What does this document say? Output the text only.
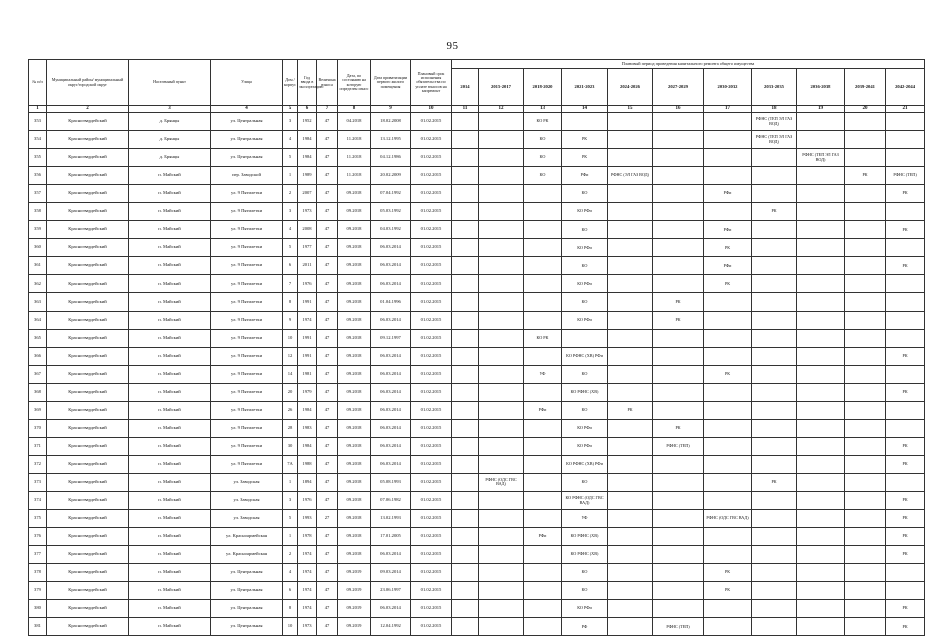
95
№ п/п	Муниципальный район/ муниципальный округ/городской округ	Населенный пункт	Улица	Дом / корпус	Год ввода в эксплуатацию	Величина взноса	Дата, по состоянию на которую определен износ	Дата приватизации первого жилого помещения	Плановый срок исполнения обязательства по уплате взносов на капремонт	Плановый период проведения капитального ремонта общего имущества										
										2014	2015-2017	2018-2020	2021-2023	2024-2026	2027-2029	2030-2032	2033-2035	2036-2038	2039-2041	2042-2044
1	2	3	4	5	6	7	8	9	10	11	12	13	14	15	16	17	18	19	20	21
353	Красногвардейский	д. Брянцы	ул. Центральная	3	1952	47	04.2018	18.02.2008	01.02.2015			КО РК					РФНС (ТЕП ЭЛ ГАЗ ВОД)			
354	Красногвардейский	д. Брянцы	ул. Центральная	4	1984	47	11.2018	13.12.1995	01.02.2015			КО	РК				РФНС (ТЕП ЭЛ ГАЗ ВОД)			
355	Красногвардейский	д. Брянцы	ул. Центральная	5	1984	47	11.2018	04.12.1986	01.02.2015			КО	РК					РФНС (ТЕП ЭЛ ГАЗ ВОД)		
356	Красногвардейский	п. Майский	пер. Заводской	1	1989	47	11.2018	20.02.2009	01.02.2015			КО	РФи	РФНС (ЭЛ ГАЗ ВОД)					РК	РФНС (ТЕП)
357	Красногвардейский	п. Майский	ул. 9 Пятилетки	2	2007	47	09.2018	07.04.1992	01.02.2015				КО			РФи				РК
358	Красногвардейский	п. Майский	ул. 9 Пятилетки	3	1973	47	09.2018	05.03.1992	01.02.2015				КО РФи				РК			
359	Красногвардейский	п. Майский	ул. 9 Пятилетки	4	2008	47	09.2018	04.03.1992	01.02.2015				КО			РФи				РК
360	Красногвардейский	п. Майский	ул. 9 Пятилетки	5	1977	47	09.2018	06.03.2014	01.02.2015				КО РФи			РК				
361	Красногвардейский	п. Майский	ул. 9 Пятилетки	6	2011	47	09.2018	06.03.2014	01.02.2015				КО			РФи				РК
362	Красногвардейский	п. Майский	ул. 9 Пятилетки	7	1976	47	09.2018	06.03.2014	01.02.2015				КО РФи			РК				
363	Красногвардейский	п. Майский	ул. 9 Пятилетки	8	1991	47	09.2018	01.04.1996	01.02.2015				КО		РК					
364	Красногвардейский	п. Майский	ул. 9 Пятилетки	9	1974	47	09.2018	06.03.2014	01.02.2015				КО РФи		РК					
365	Красногвардейский	п. Майский	ул. 9 Пятилетки	10	1991	47	09.2018	09.12.1997	01.02.2015			КО РК								
366	Красногвардейский	п. Майский	ул. 9 Пятилетки	12	1991	47	09.2018	06.03.2014	01.02.2015				КО РФНС (ХВ) РФи							РК
367	Красногвардейский	п. Майский	ул. 9 Пятилетки	14	1981	47	09.2018	06.03.2014	01.02.2015			УФ	КО			РК				
368	Красногвардейский	п. Майский	ул. 9 Пятилетки	20	1979	47	09.2018	06.03.2014	01.02.2015				КО РФНС (ХВ)							РК
369	Красногвардейский	п. Майский	ул. 9 Пятилетки	26	1984	47	09.2018	06.03.2014	01.02.2015			РФи	КО	РК						
370	Красногвардейский	п. Майский	ул. 9 Пятилетки	28	1983	47	09.2018	06.03.2014	01.02.2015				КО РФи		РК					
371	Красногвардейский	п. Майский	ул. 9 Пятилетки	30	1984	47	09.2018	06.03.2014	01.02.2015				КО РФи		РФНС (ТЕП)					РК
372	Красногвардейский	п. Майский	ул. 9 Пятилетки	7А	1988	47	09.2018	06.03.2014	01.02.2015				КО РФНС (ХВ) РФи							РК
373	Красногвардейский	п. Майский	ул. Заводская	1	1894	47	09.2018	05.08.1993	01.02.2015		РФНС (ОДС ГВС ВАД)		КО				РК			
374	Красногвардейский	п. Майский	ул. Заводская	3	1976	47	09.2018	07.06.1982	01.02.2015				КО РФНС (ОДС ГВС ВАД)							РК
375	Красногвардейский	п. Майский	ул. Заводская	5	1993	27	09.2018	13.02.1993	01.02.2015				УФ			РФНС (ОДС ГВС ВАД)				РК
376	Красногвардейский	п. Майский	ул. Красноармейская	1	1978	47	09.2018	17.01.2005	01.02.2015			РФи	КО РФНС (ХВ)							РК
377	Красногвардейский	п. Майский	ул. Красноармейская	2	1974	47	09.2018	06.03.2014	01.02.2015				КО РФНС (ХВ)							РК
378	Красногвардейский	п. Майский	ул. Центральная	4	1974	47	09.2019	09.03.2014	01.02.2015				КО			РК				
379	Красногвардейский	п. Майский	ул. Центральная	6	1974	47	09.2019	23.06.1997	01.02.2015				КО			РК				
380	Красногвардейский	п. Майский	ул. Центральная	8	1974	47	09.2019	06.03.2014	01.02.2015				КО РФи							РК
381	Красногвардейский	п. Майский	ул. Центральная	10	1973	47	09.2019	12.04.1992	01.02.2015				РФ		РФНС (ТЕП)					РК
